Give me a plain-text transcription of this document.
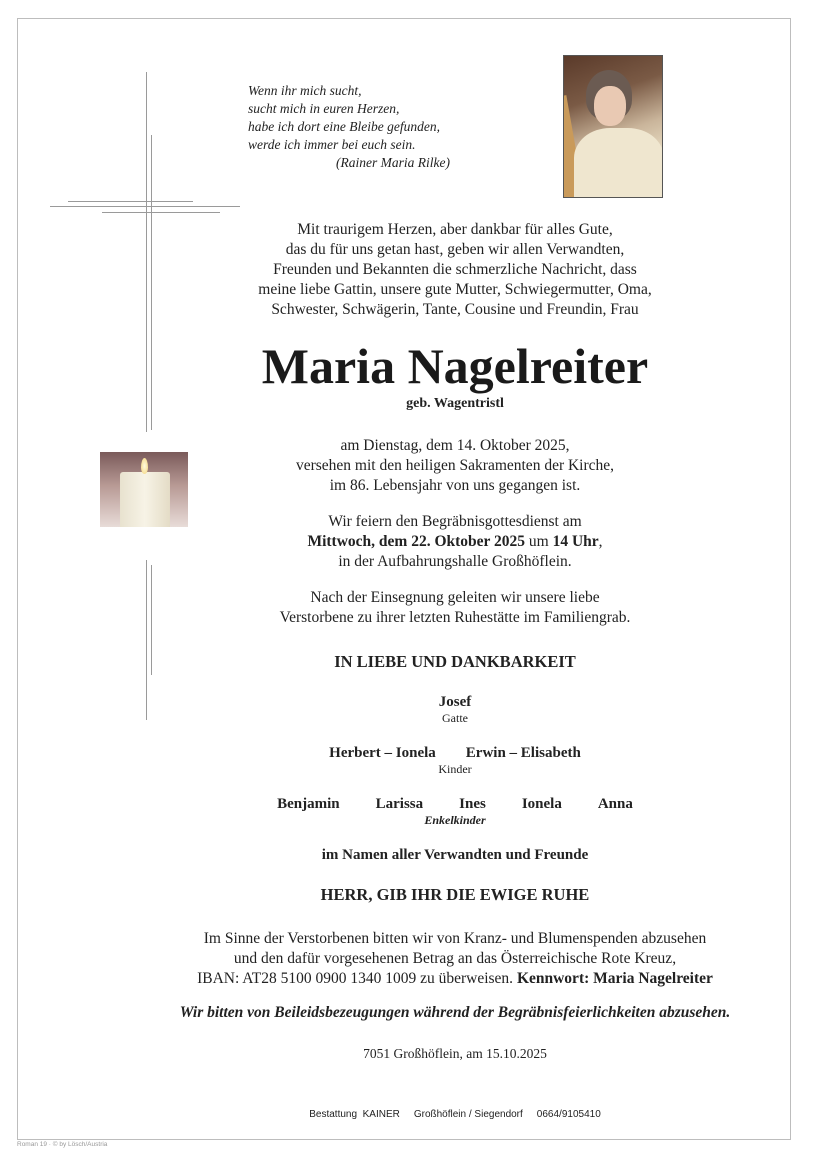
Wenn ihr mich sucht,
sucht mich in euren Herzen,
habe ich dort eine Bleibe gefunden,
werde ich immer bei euch sein.
(Rainer Maria Rilke)
Mit traurigem Herzen, aber dankbar für alles Gute,
das du für uns getan hast, geben wir allen Verwandten,
Freunden und Bekannten die schmerzliche Nachricht, dass
meine liebe Gattin, unsere gute Mutter, Schwiegermutter, Oma,
Schwester, Schwägerin, Tante, Cousine und Freundin, Frau
Maria Nagelreiter
geb. Wagentristl
am Dienstag, dem 14. Oktober 2025,
versehen mit den heiligen Sakramenten der Kirche,
im 86. Lebensjahr von uns gegangen ist.
Wir feiern den Begräbnisgottesdienst am
Mittwoch, dem 22. Oktober 2025 um 14 Uhr,
in der Aufbahrungshalle Großhöflein.
Nach der Einsegnung geleiten wir unsere liebe
Verstorbene zu ihrer letzten Ruhestätte im Familiengrab.
IN LIEBE UND DANKBARKEIT
Josef
Gatte
Herbert – Ionela Erwin – Elisabeth
Kinder
Benjamin Larissa Ines Ionela Anna
Enkelkinder
im Namen aller Verwandten und Freunde
HERR, GIB IHR DIE EWIGE RUHE
Im Sinne der Verstorbenen bitten wir von Kranz- und Blumenspenden abzusehen
und den dafür vorgesehenen Betrag an das Österreichische Rote Kreuz,
IBAN: AT28 5100 0900 1340 1009 zu überweisen. Kennwort: Maria Nagelreiter
Wir bitten von Beileidsbezeugungen während der Begräbnisfeierlichkeiten abzusehen.
7051 Großhöflein, am 15.10.2025
Bestattung  KAINER Großhöflein / Siegendorf 0664/9105410
Roman 19 · © by Lösch/Austria
